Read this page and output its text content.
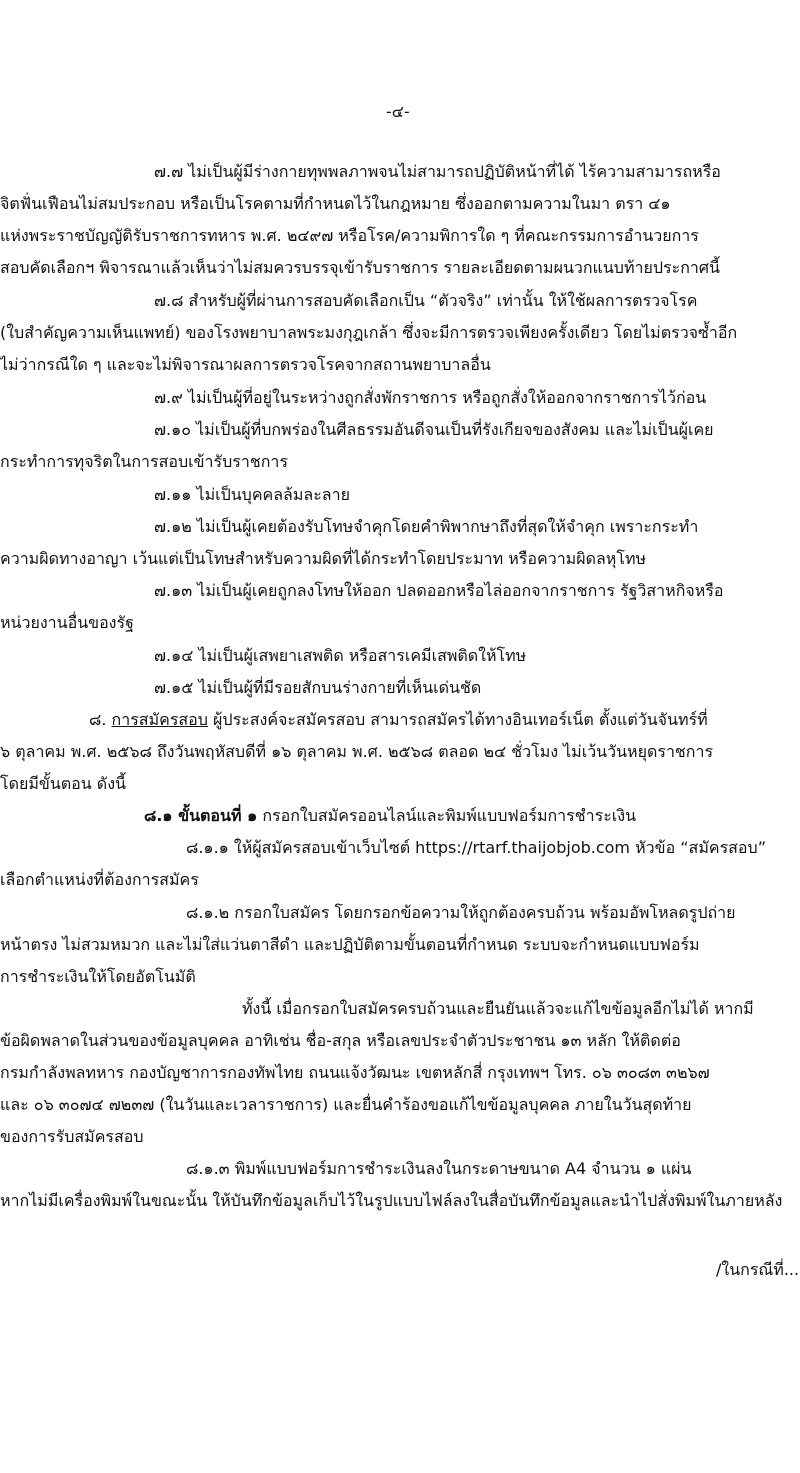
-๔-
๗.๗ ไม่เป็นผู้มีร่างกายทุพพลภาพจนไม่สามารถปฏิบัติหน้าที่ได้ ไร้ความสามารถหรือ
จิตฟั่นเฟือนไม่สมประกอบ หรือเป็นโรคตามที่กำหนดไว้ในกฎหมาย ซึ่งออกตามความในมา ตรา ๔๑
แห่งพระราชบัญญัติรับราชการทหาร พ.ศ. ๒๔๙๗ หรือโรค/ความพิการใด ๆ ที่คณะกรรมการอำนวยการ
สอบคัดเลือกฯ พิจารณาแล้วเห็นว่าไม่สมควรบรรจุเข้ารับราชการ รายละเอียดตามผนวกแนบท้ายประกาศนี้
๗.๘ สำหรับผู้ที่ผ่านการสอบคัดเลือกเป็น “ตัวจริง” เท่านั้น ให้ใช้ผลการตรวจโรค
(ใบสำคัญความเห็นแพทย์) ของโรงพยาบาลพระมงกุฎเกล้า ซึ่งจะมีการตรวจเพียงครั้งเดียว โดยไม่ตรวจซ้ำอีก
ไม่ว่ากรณีใด ๆ และจะไม่พิจารณาผลการตรวจโรคจากสถานพยาบาลอื่น
๗.๙ ไม่เป็นผู้ที่อยู่ในระหว่างถูกสั่งพักราชการ หรือถูกสั่งให้ออกจากราชการไว้ก่อน
๗.๑๐ ไม่เป็นผู้ที่บกพร่องในศีลธรรมอันดีจนเป็นที่รังเกียจของสังคม และไม่เป็นผู้เคย
กระทำการทุจริตในการสอบเข้ารับราชการ
๗.๑๑ ไม่เป็นบุคคลล้มละลาย
๗.๑๒ ไม่เป็นผู้เคยต้องรับโทษจำคุกโดยคำพิพากษาถึงที่สุดให้จำคุก เพราะกระทำ
ความผิดทางอาญา เว้นแต่เป็นโทษสำหรับความผิดที่ได้กระทำโดยประมาท หรือความผิดลหุโทษ
๗.๑๓ ไม่เป็นผู้เคยถูกลงโทษให้ออก ปลดออกหรือไล่ออกจากราชการ รัฐวิสาหกิจหรือ
หน่วยงานอื่นของรัฐ
๗.๑๔ ไม่เป็นผู้เสพยาเสพติด หรือสารเคมีเสพติดให้โทษ
๗.๑๕ ไม่เป็นผู้ที่มีรอยสักบนร่างกายที่เห็นเด่นชัด
๘. การสมัครสอบ ผู้ประสงค์จะสมัครสอบ สามารถสมัครได้ทางอินเทอร์เน็ต ตั้งแต่วันจันทร์ที่
๖ ตุลาคม พ.ศ. ๒๕๖๘ ถึงวันพฤหัสบดีที่ ๑๖ ตุลาคม พ.ศ. ๒๕๖๘ ตลอด ๒๔ ชั่วโมง ไม่เว้นวันหยุดราชการ
โดยมีขั้นตอน ดังนี้
๘.๑ ขั้นตอนที่ ๑ กรอกใบสมัครออนไลน์และพิมพ์แบบฟอร์มการชำระเงิน
๘.๑.๑ ให้ผู้สมัครสอบเข้าเว็บไซต์ https://rtarf.thaijobjob.com หัวข้อ “สมัครสอบ”
เลือกตำแหน่งที่ต้องการสมัคร
๘.๑.๒ กรอกใบสมัคร โดยกรอกข้อความให้ถูกต้องครบถ้วน พร้อมอัพโหลดรูปถ่าย
หน้าตรง ไม่สวมหมวก และไม่ใส่แว่นตาสีดำ และปฏิบัติตามขั้นตอนที่กำหนด ระบบจะกำหนดแบบฟอร์ม
การชำระเงินให้โดยอัตโนมัติ
ทั้งนี้ เมื่อกรอกใบสมัครครบถ้วนและยืนยันแล้วจะแก้ไขข้อมูลอีกไม่ได้ หากมี
ข้อผิดพลาดในส่วนของข้อมูลบุคคล อาทิเช่น ชื่อ-สกุล หรือเลขประจำตัวประชาชน ๑๓ หลัก ให้ติดต่อ
กรมกำลังพลทหาร กองบัญชาการกองทัพไทย ถนนแจ้งวัฒนะ เขตหลักสี่ กรุงเทพฯ โทร. ๐๖ ๓๐๘๓ ๓๒๖๗
และ ๐๖ ๓๐๗๔ ๗๒๓๗ (ในวันและเวลาราชการ) และยื่นคำร้องขอแก้ไขข้อมูลบุคคล ภายในวันสุดท้าย
ของการรับสมัครสอบ
๘.๑.๓ พิมพ์แบบฟอร์มการชำระเงินลงในกระดาษขนาด A4 จำนวน ๑ แผ่น
หากไม่มีเครื่องพิมพ์ในขณะนั้น ให้บันทึกข้อมูลเก็บไว้ในรูปแบบไฟล์ลงในสื่อบันทึกข้อมูลและนำไปสั่งพิมพ์ในภายหลัง
/ในกรณีที่...
